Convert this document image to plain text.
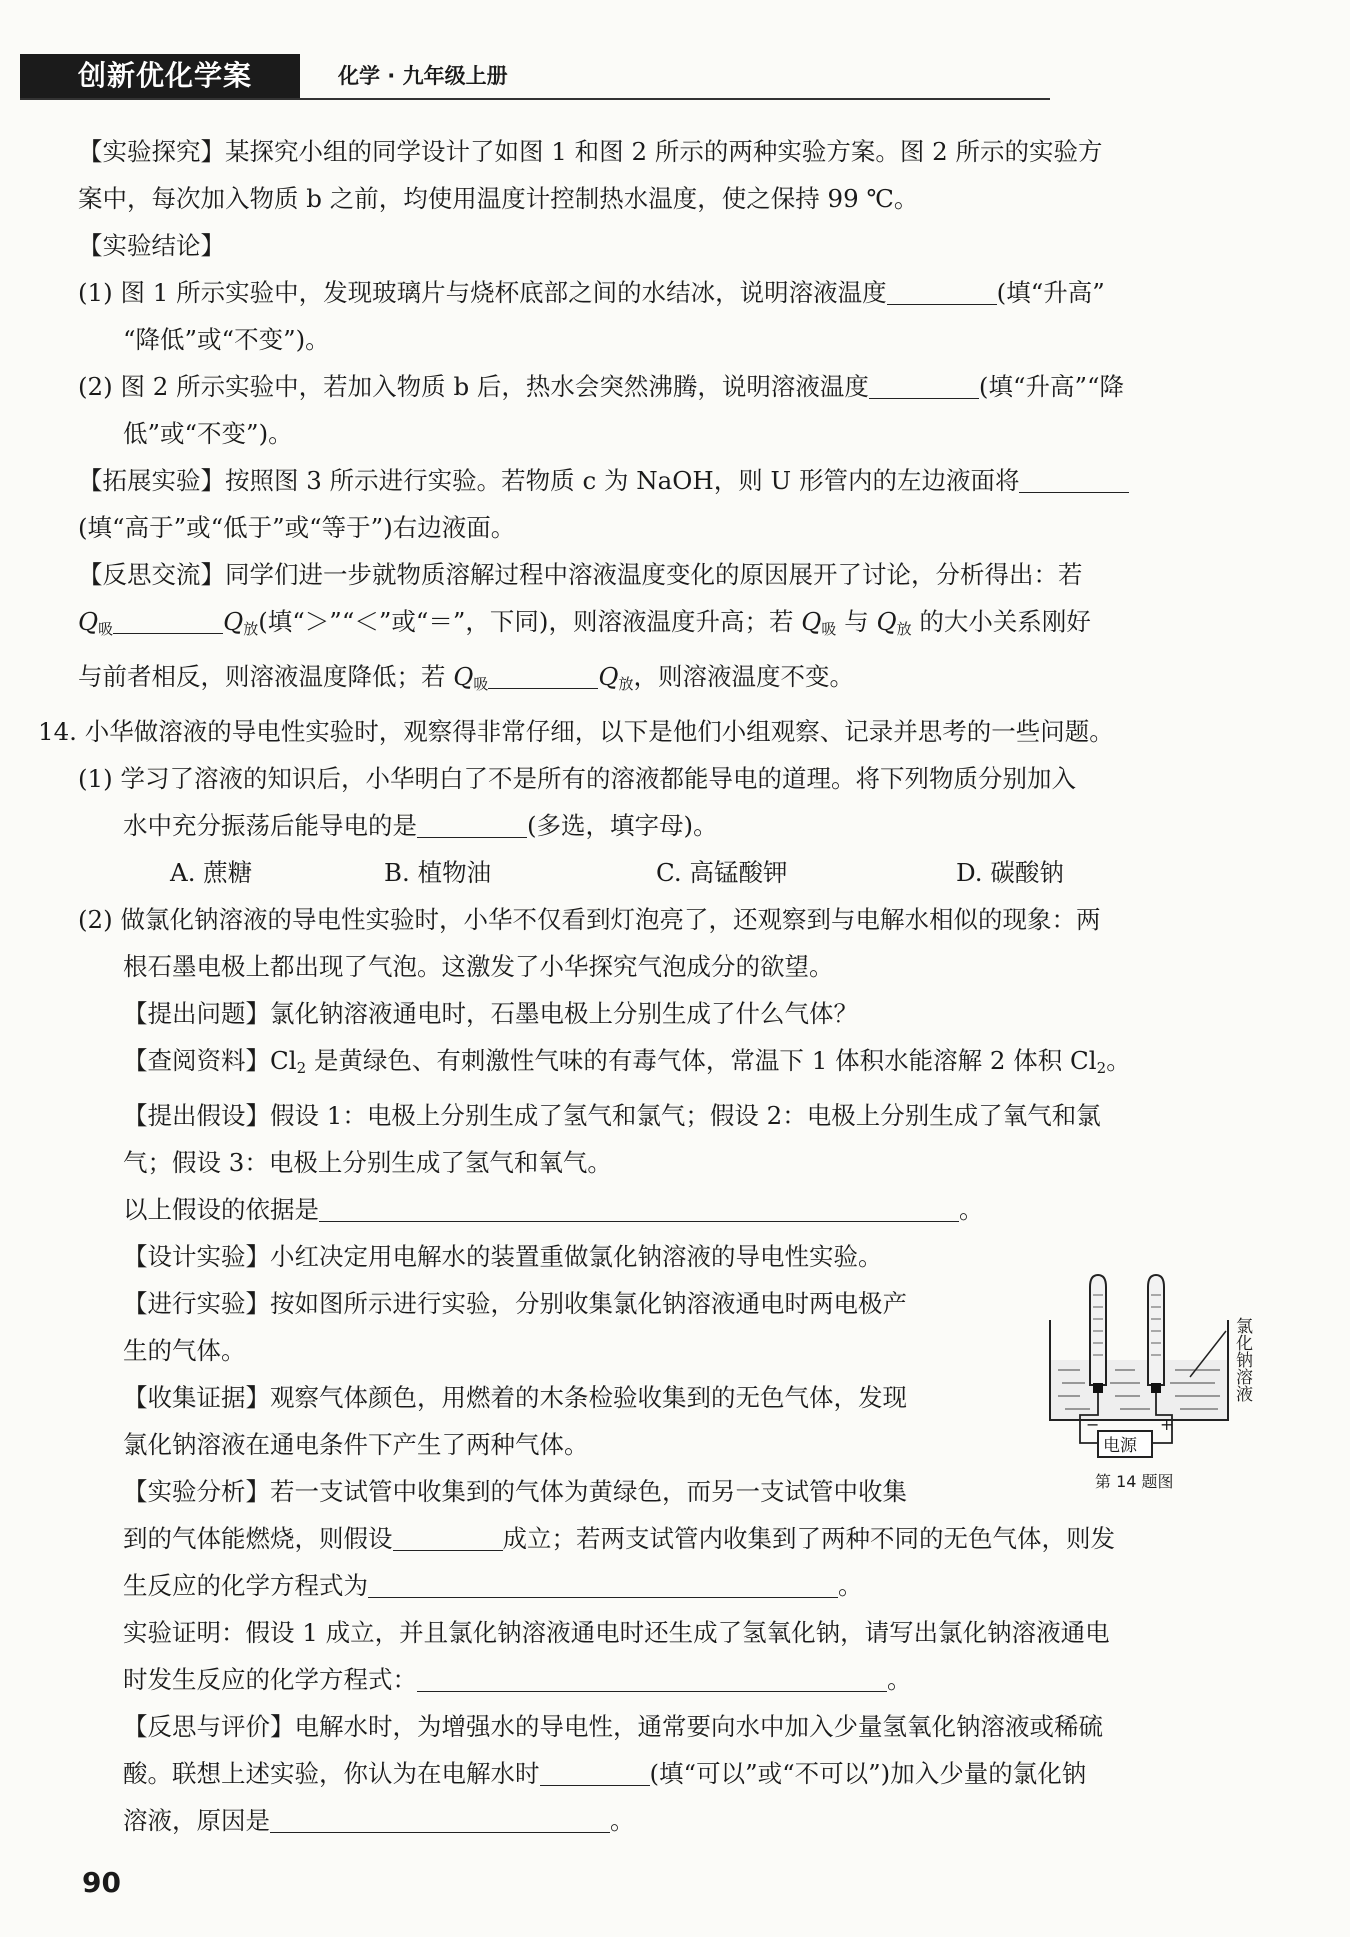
创新优化学案	化学 · 九年级上册

【实验探究】某探究小组的同学设计了如图 1 和图 2 所示的两种实验方案。图 2 所示的实验方

案中，每次加入物质 b 之前，均使用温度计控制热水温度，使之保持 99 ℃。

【实验结论】

(1) 图 1 所示实验中，发现玻璃片与烧杯底部之间的水结冰，说明溶液温度	(填“升高”

“降低”或“不变”)。

(2) 图 2 所示实验中，若加入物质 b 后，热水会突然沸腾，说明溶液温度	(填“升高”“降

低”或“不变”)。

【拓展实验】按照图 3 所示进行实验。若物质 c 为 NaOH，则 U 形管内的左边液面将

(填“高于”或“低于”或“等于”)右边液面。

【反思交流】同学们进一步就物质溶解过程中溶液温度变化的原因展开了讨论，分析得出：若

$Q_吸$	$Q_放$(填“＞”“＜”或“＝”，下同)，则溶液温度升高；若 $Q_吸$ 与 $Q_放$ 的大小关系刚好

与前者相反，则溶液温度降低；若 $Q_吸$	$Q_放$，则溶液温度不变。

14. 小华做溶液的导电性实验时，观察得非常仔细，以下是他们小组观察、记录并思考的一些问题。

(1) 学习了溶液的知识后，小华明白了不是所有的溶液都能导电的道理。将下列物质分别加入

水中充分振荡后能导电的是	(多选，填字母)。

A. 蔗糖	B. 植物油	C. 高锰酸钾	D. 碳酸钠

(2) 做氯化钠溶液的导电性实验时，小华不仅看到灯泡亮了，还观察到与电解水相似的现象：两

根石墨电极上都出现了气泡。这激发了小华探究气泡成分的欲望。

【提出问题】氯化钠溶液通电时，石墨电极上分别生成了什么气体？

【查阅资料】$Cl_2$ 是黄绿色、有刺激性气味的有毒气体，常温下 1 体积水能溶解 2 体积 $Cl_2$。

【提出假设】假设 1：电极上分别生成了氢气和氯气；假设 2：电极上分别生成了氧气和氯

气；假设 3：电极上分别生成了氢气和氧气。

以上假设的依据是	。

【设计实验】小红决定用电解水的装置重做氯化钠溶液的导电性实验。

【进行实验】按如图所示进行实验，分别收集氯化钠溶液通电时两电极产

生的气体。

【收集证据】观察气体颜色，用燃着的木条检验收集到的无色气体，发现

氯化钠溶液在通电条件下产生了两种气体。

【实验分析】若一支试管中收集到的气体为黄绿色，而另一支试管中收集

到的气体能燃烧，则假设	成立；若两支试管内收集到了两种不同的无色气体，则发

生反应的化学方程式为	。

实验证明：假设 1 成立，并且氯化钠溶液通电时还生成了氢氧化钠，请写出氯化钠溶液通电

时发生反应的化学方程式：	。

【反思与评价】电解水时，为增强水的导电性，通常要向水中加入少量氢氧化钠溶液或稀硫

酸。联想上述实验，你认为在电解水时	(填“可以”或“不可以”)加入少量的氯化钠

溶液，原因是	。

氯化钠溶液
电源
−	+
第 14 题图
90
